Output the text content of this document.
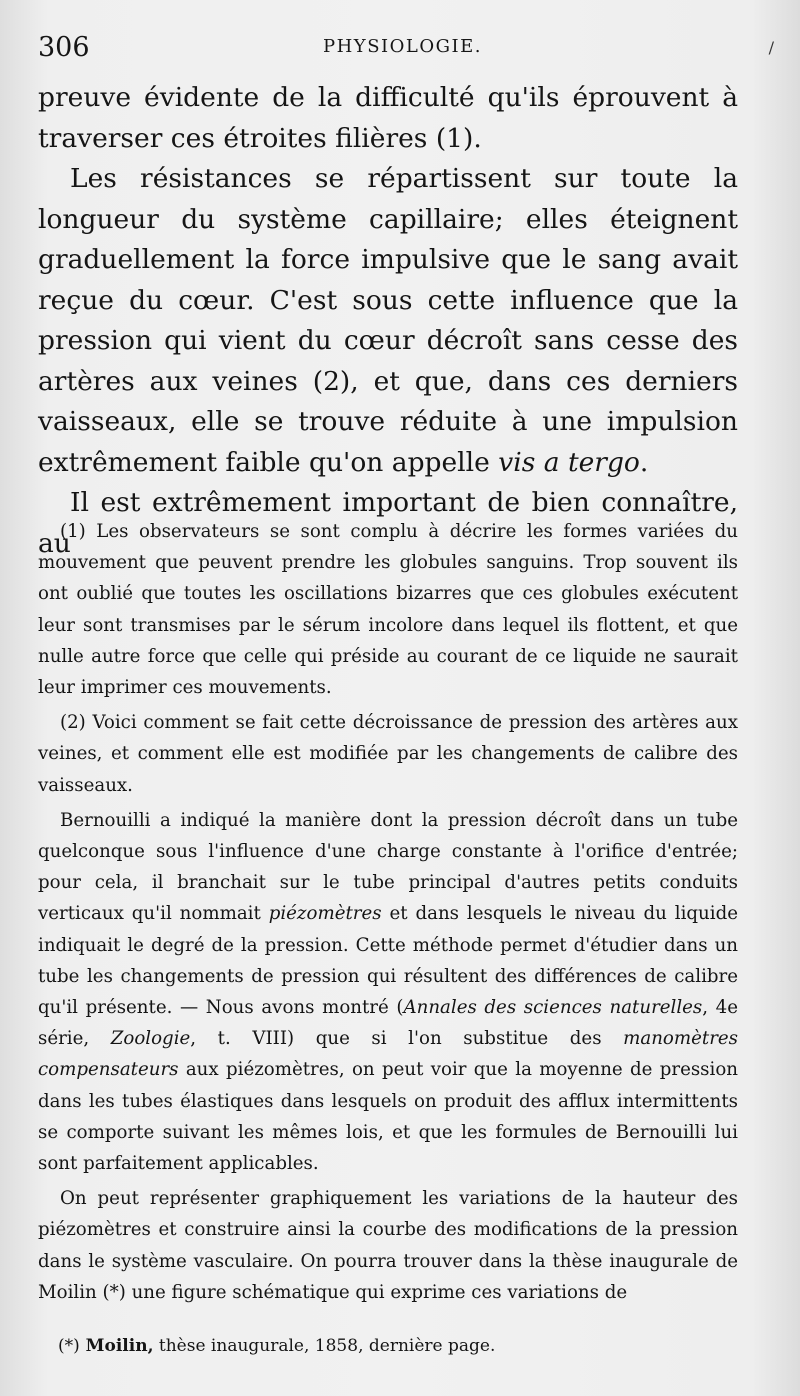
306	PHYSIOLOGIE.	/

preuve évidente de la difficulté qu'ils éprouvent à traverser ces étroites filières (1).

Les résistances se répartissent sur toute la longueur du système capillaire; elles éteignent graduellement la force impulsive que le sang avait reçue du cœur. C'est sous cette influence que la pression qui vient du cœur décroît sans cesse des artères aux veines (2), et que, dans ces derniers vaisseaux, elle se trouve réduite à une impulsion extrêmement faible qu'on appelle vis a tergo.

Il est extrêmement important de bien connaître, au

(1) Les observateurs se sont complu à décrire les formes variées du mouvement que peuvent prendre les globules sanguins. Trop souvent ils ont oublié que toutes les oscillations bizarres que ces globules exécutent leur sont transmises par le sérum incolore dans lequel ils flottent, et que nulle autre force que celle qui préside au courant de ce liquide ne saurait leur imprimer ces mouvements.

(2) Voici comment se fait cette décroissance de pression des artères aux veines, et comment elle est modifiée par les changements de calibre des vaisseaux.

Bernouilli a indiqué la manière dont la pression décroît dans un tube quelconque sous l'influence d'une charge constante à l'orifice d'entrée; pour cela, il branchait sur le tube principal d'autres petits conduits verticaux qu'il nommait piézomètres et dans lesquels le niveau du liquide indiquait le degré de la pression. Cette méthode permet d'étudier dans un tube les changements de pression qui résultent des différences de calibre qu'il présente. — Nous avons montré (Annales des sciences naturelles, 4e série, Zoologie, t. VIII) que si l'on substitue des manomètres compensateurs aux piézomètres, on peut voir que la moyenne de pression dans les tubes élastiques dans lesquels on produit des afflux intermittents se comporte suivant les mêmes lois, et que les formules de Bernouilli lui sont parfaitement applicables.

On peut représenter graphiquement les variations de la hauteur des piézomètres et construire ainsi la courbe des modifications de la pression dans le système vasculaire. On pourra trouver dans la thèse inaugurale de Moilin (*) une figure schématique qui exprime ces variations de

(*) Moilin, thèse inaugurale, 1858, dernière page.
